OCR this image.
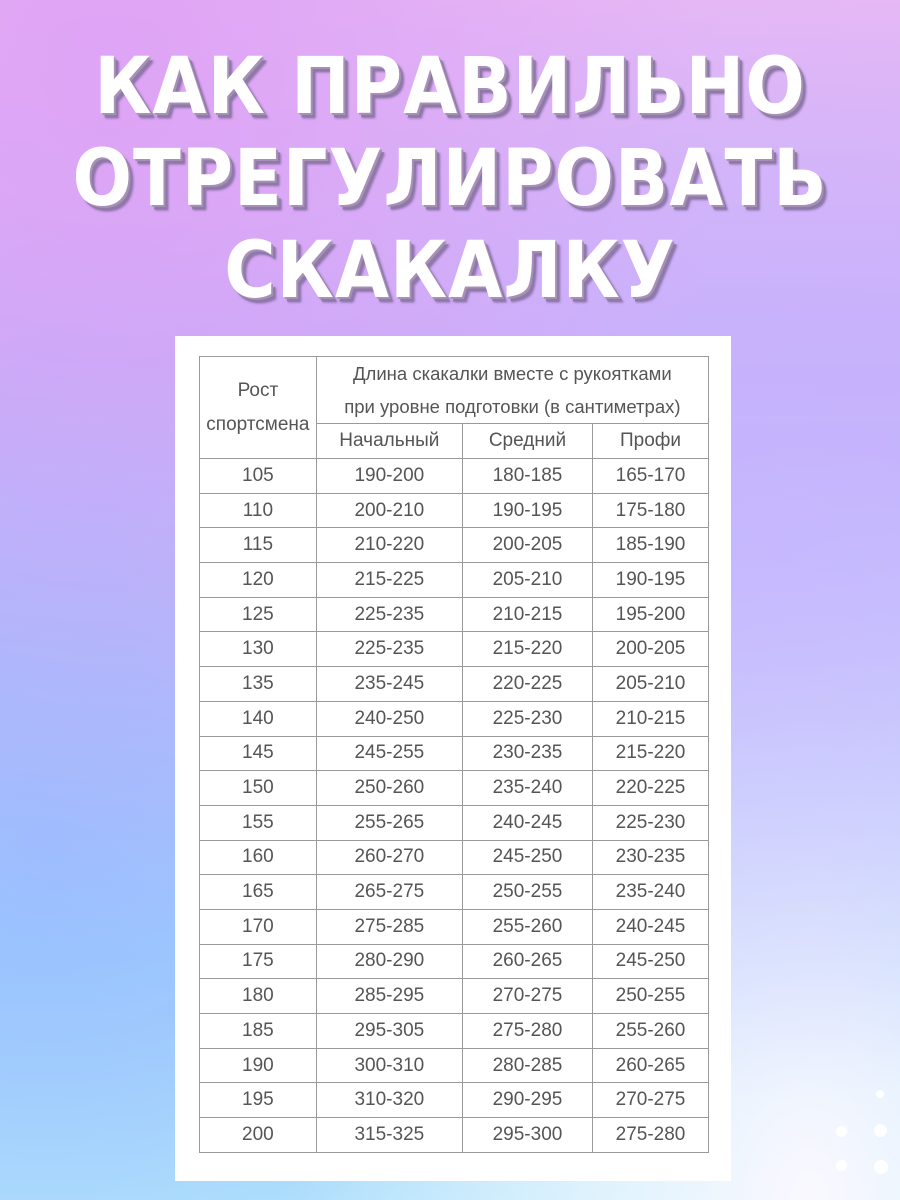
КАК ПРАВИЛЬНО
ОТРЕГУЛИРОВАТЬ
СКАКАЛКУ
Рост
спортсмена	Длина скакалки вместе с рукоятками
при уровне подготовки (в сантиметрах)		
	Начальный	Средний	Профи
105	190-200	180-185	165-170
110	200-210	190-195	175-180
115	210-220	200-205	185-190
120	215-225	205-210	190-195
125	225-235	210-215	195-200
130	225-235	215-220	200-205
135	235-245	220-225	205-210
140	240-250	225-230	210-215
145	245-255	230-235	215-220
150	250-260	235-240	220-225
155	255-265	240-245	225-230
160	260-270	245-250	230-235
165	265-275	250-255	235-240
170	275-285	255-260	240-245
175	280-290	260-265	245-250
180	285-295	270-275	250-255
185	295-305	275-280	255-260
190	300-310	280-285	260-265
195	310-320	290-295	270-275
200	315-325	295-300	275-280
